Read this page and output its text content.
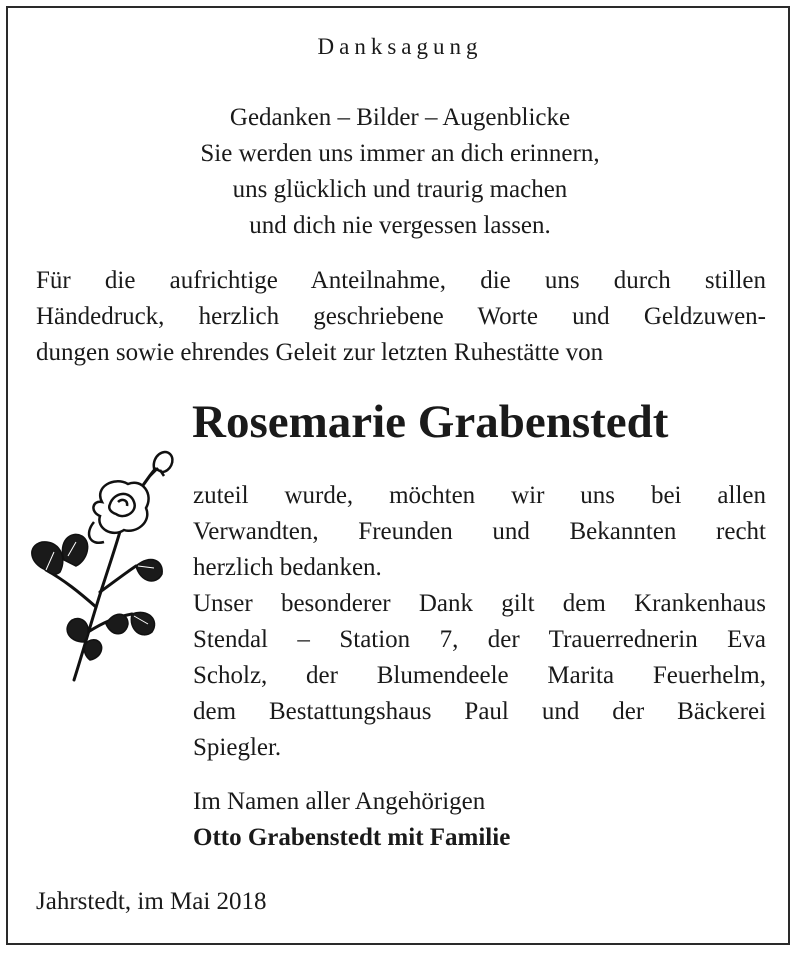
Danksagung
Gedanken – Bilder – Augenblicke
Sie werden uns immer an dich erinnern,
uns glücklich und traurig machen
und dich nie vergessen lassen.
Für die aufrichtige Anteilnahme, die uns durch stillen
Händedruck, herzlich geschriebene Worte und Geldzuwen-
dungen sowie ehrendes Geleit zur letzten Ruhestätte von
Rosemarie Grabenstedt
zuteil wurde, möchten wir uns bei allen
Verwandten, Freunden und Bekannten recht
herzlich bedanken.
Unser besonderer Dank gilt dem Krankenhaus
Stendal – Station 7, der Trauerrednerin Eva
Scholz, der Blumendeele Marita Feuerhelm,
dem Bestattungshaus Paul und der Bäckerei
Spiegler.
Im Namen aller Angehörigen
Otto Grabenstedt mit Familie
Jahrstedt, im Mai 2018
